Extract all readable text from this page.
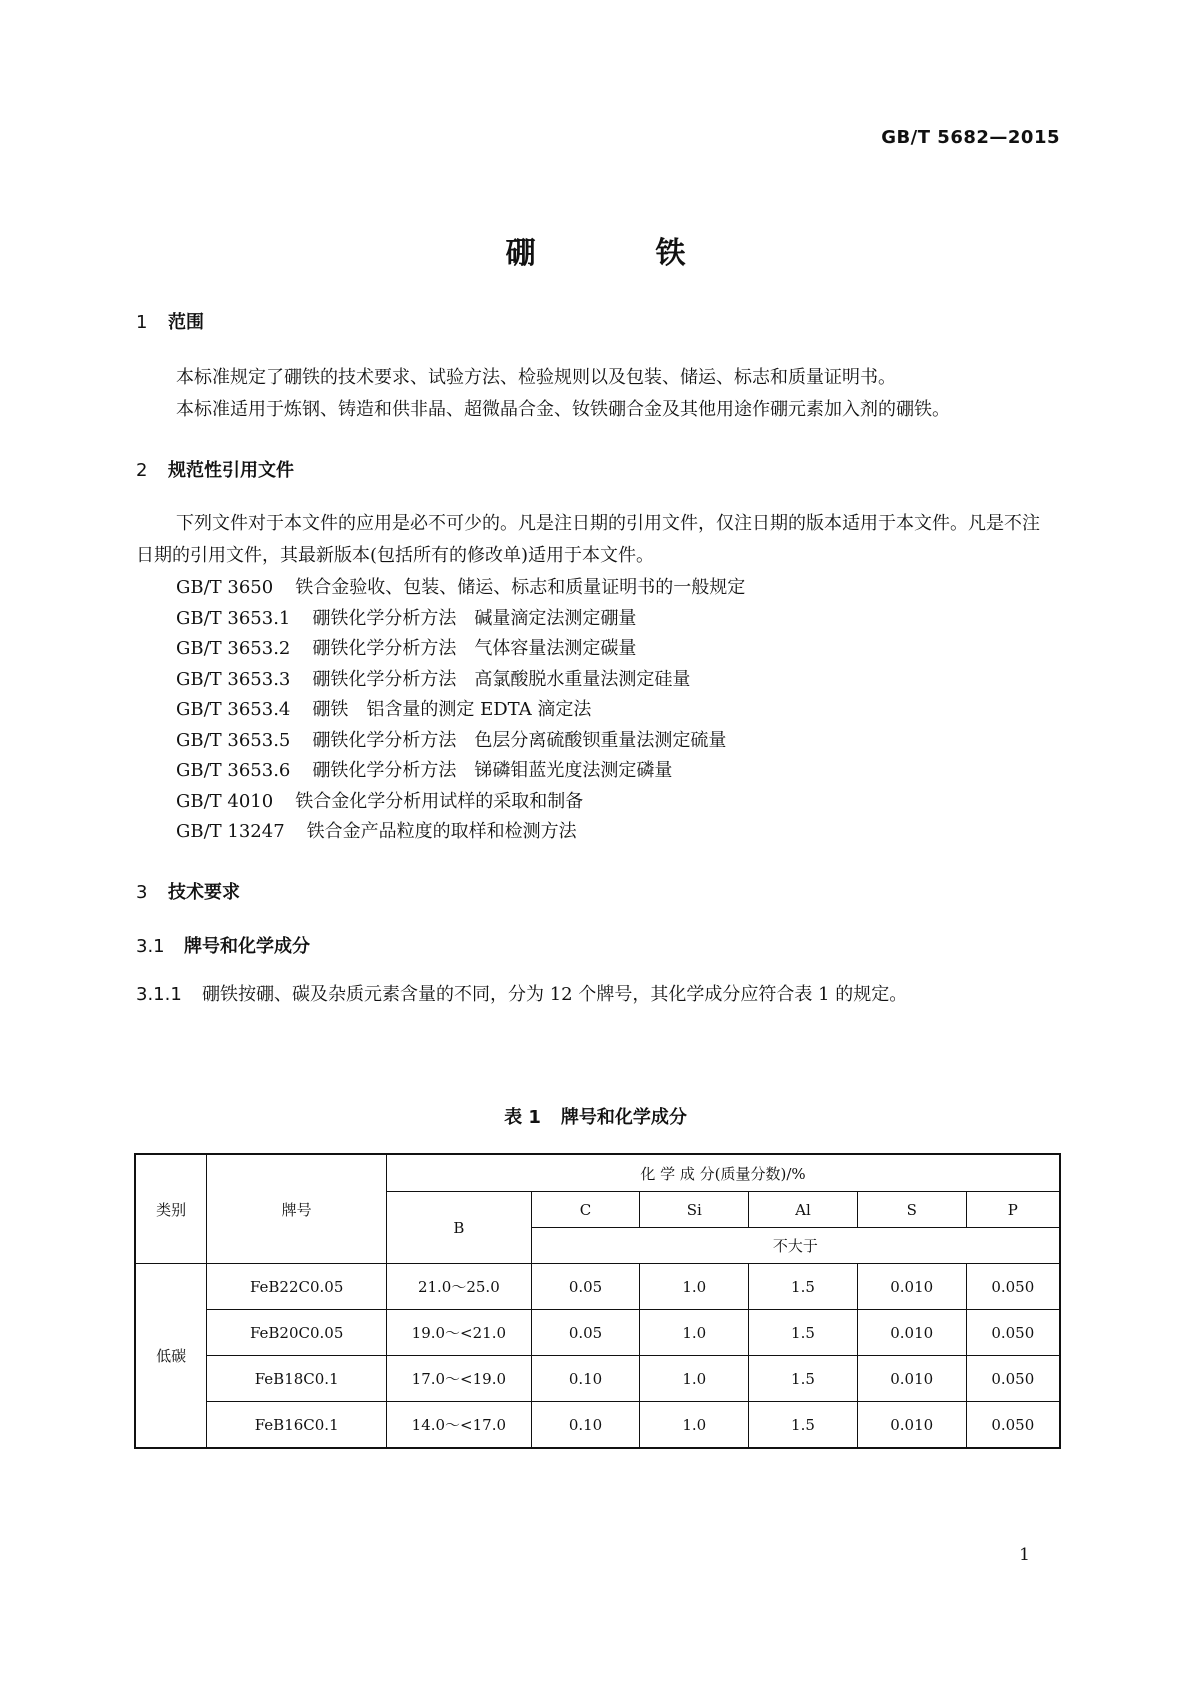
GB/T 5682—2015
硼	铁
1 范围
本标准规定了硼铁的技术要求、试验方法、检验规则以及包装、储运、标志和质量证明书。
本标准适用于炼钢、铸造和供非晶、超微晶合金、钕铁硼合金及其他用途作硼元素加入剂的硼铁。
2 规范性引用文件
下列文件对于本文件的应用是必不可少的。凡是注日期的引用文件，仅注日期的版本适用于本文件。凡是不注日期的引用文件，其最新版本(包括所有的修改单)适用于本文件。
GB/T 3650 铁合金验收、包装、储运、标志和质量证明书的一般规定
GB/T 3653.1 硼铁化学分析方法　碱量滴定法测定硼量
GB/T 3653.2 硼铁化学分析方法　气体容量法测定碳量
GB/T 3653.3 硼铁化学分析方法　高氯酸脱水重量法测定硅量
GB/T 3653.4 硼铁　铝含量的测定 EDTA 滴定法
GB/T 3653.5 硼铁化学分析方法　色层分离硫酸钡重量法测定硫量
GB/T 3653.6 硼铁化学分析方法　锑磷钼蓝光度法测定磷量
GB/T 4010 铁合金化学分析用试样的采取和制备
GB/T 13247 铁合金产品粒度的取样和检测方法
3 技术要求
3.1 牌号和化学成分
3.1.1 硼铁按硼、碳及杂质元素含量的不同，分为 12 个牌号，其化学成分应符合表 1 的规定。
表 1 牌号和化学成分
类别	牌号	化 学 成 分(质量分数)/%					
		B	C	Si	Al	S	P
			不大于				
低碳	FeB22C0.05	21.0～25.0	0.05	1.0	1.5	0.010	0.050
	FeB20C0.05	19.0～<21.0	0.05	1.0	1.5	0.010	0.050
	FeB18C0.1	17.0～<19.0	0.10	1.0	1.5	0.010	0.050
	FeB16C0.1	14.0～<17.0	0.10	1.0	1.5	0.010	0.050
1
